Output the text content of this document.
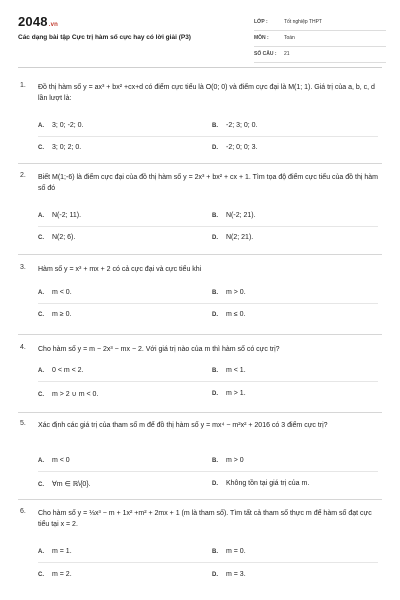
2048.vn
Các dạng bài tập Cực trị hàm số cực hay có lời giải (P3)
LỚP :	Tốt nghiệp THPT
MÔN :	Toán
SỐ CÂU : 21
1. Đồ thị hàm số y = ax³ + bx² +cx+d có điểm cực tiểu là O(0; 0) và điểm cực đại là M(1; 1). Giá trị của a, b, c, d lần lượt là:
A. 3; 0; -2; 0.	B. -2; 3; 0; 0.
C. 3; 0; 2; 0.	D. -2; 0; 0; 3.
2. Biết M(1;-6) là điểm cực đại của đồ thị hàm số y = 2x³ + bx² + cx + 1. Tìm tọa độ điểm cực tiểu của đồ thị hàm số đó
A. N(-2; 11).	B. N(-2; 21).
C. N(2; 6).	D. N(2; 21).
3. Hàm số y = x³ + mx + 2 có cả cực đại và cực tiểu khi
A. m < 0.	B. m > 0.
C. m ≥ 0.	D. m ≤ 0.
4. Cho hàm số y = m − 2x³ − mx − 2. Với giá trị nào của m thì hàm số có cực trị?
A. 0 < m < 2.	B. m < 1.
C. m > 2 ∪ m < 0.	D. m > 1.
5. Xác định các giá trị của tham số m để đồ thị hàm số y = mx⁴ − m²x² + 2016 có 3 điểm cực trị?
A. m < 0	B. m > 0
C. ∀m ∈ ℝ\{0}.	D. Không tồn tại giá trị của m.
6. Cho hàm số y = ⅓x³ − m + 1x² +m² + 2mx + 1 (m là tham số). Tìm tất cả tham số thực m để hàm số đạt cực tiểu tại x = 2.
A. m = 1.	B. m = 0.
C. m = 2.	D. m = 3.
